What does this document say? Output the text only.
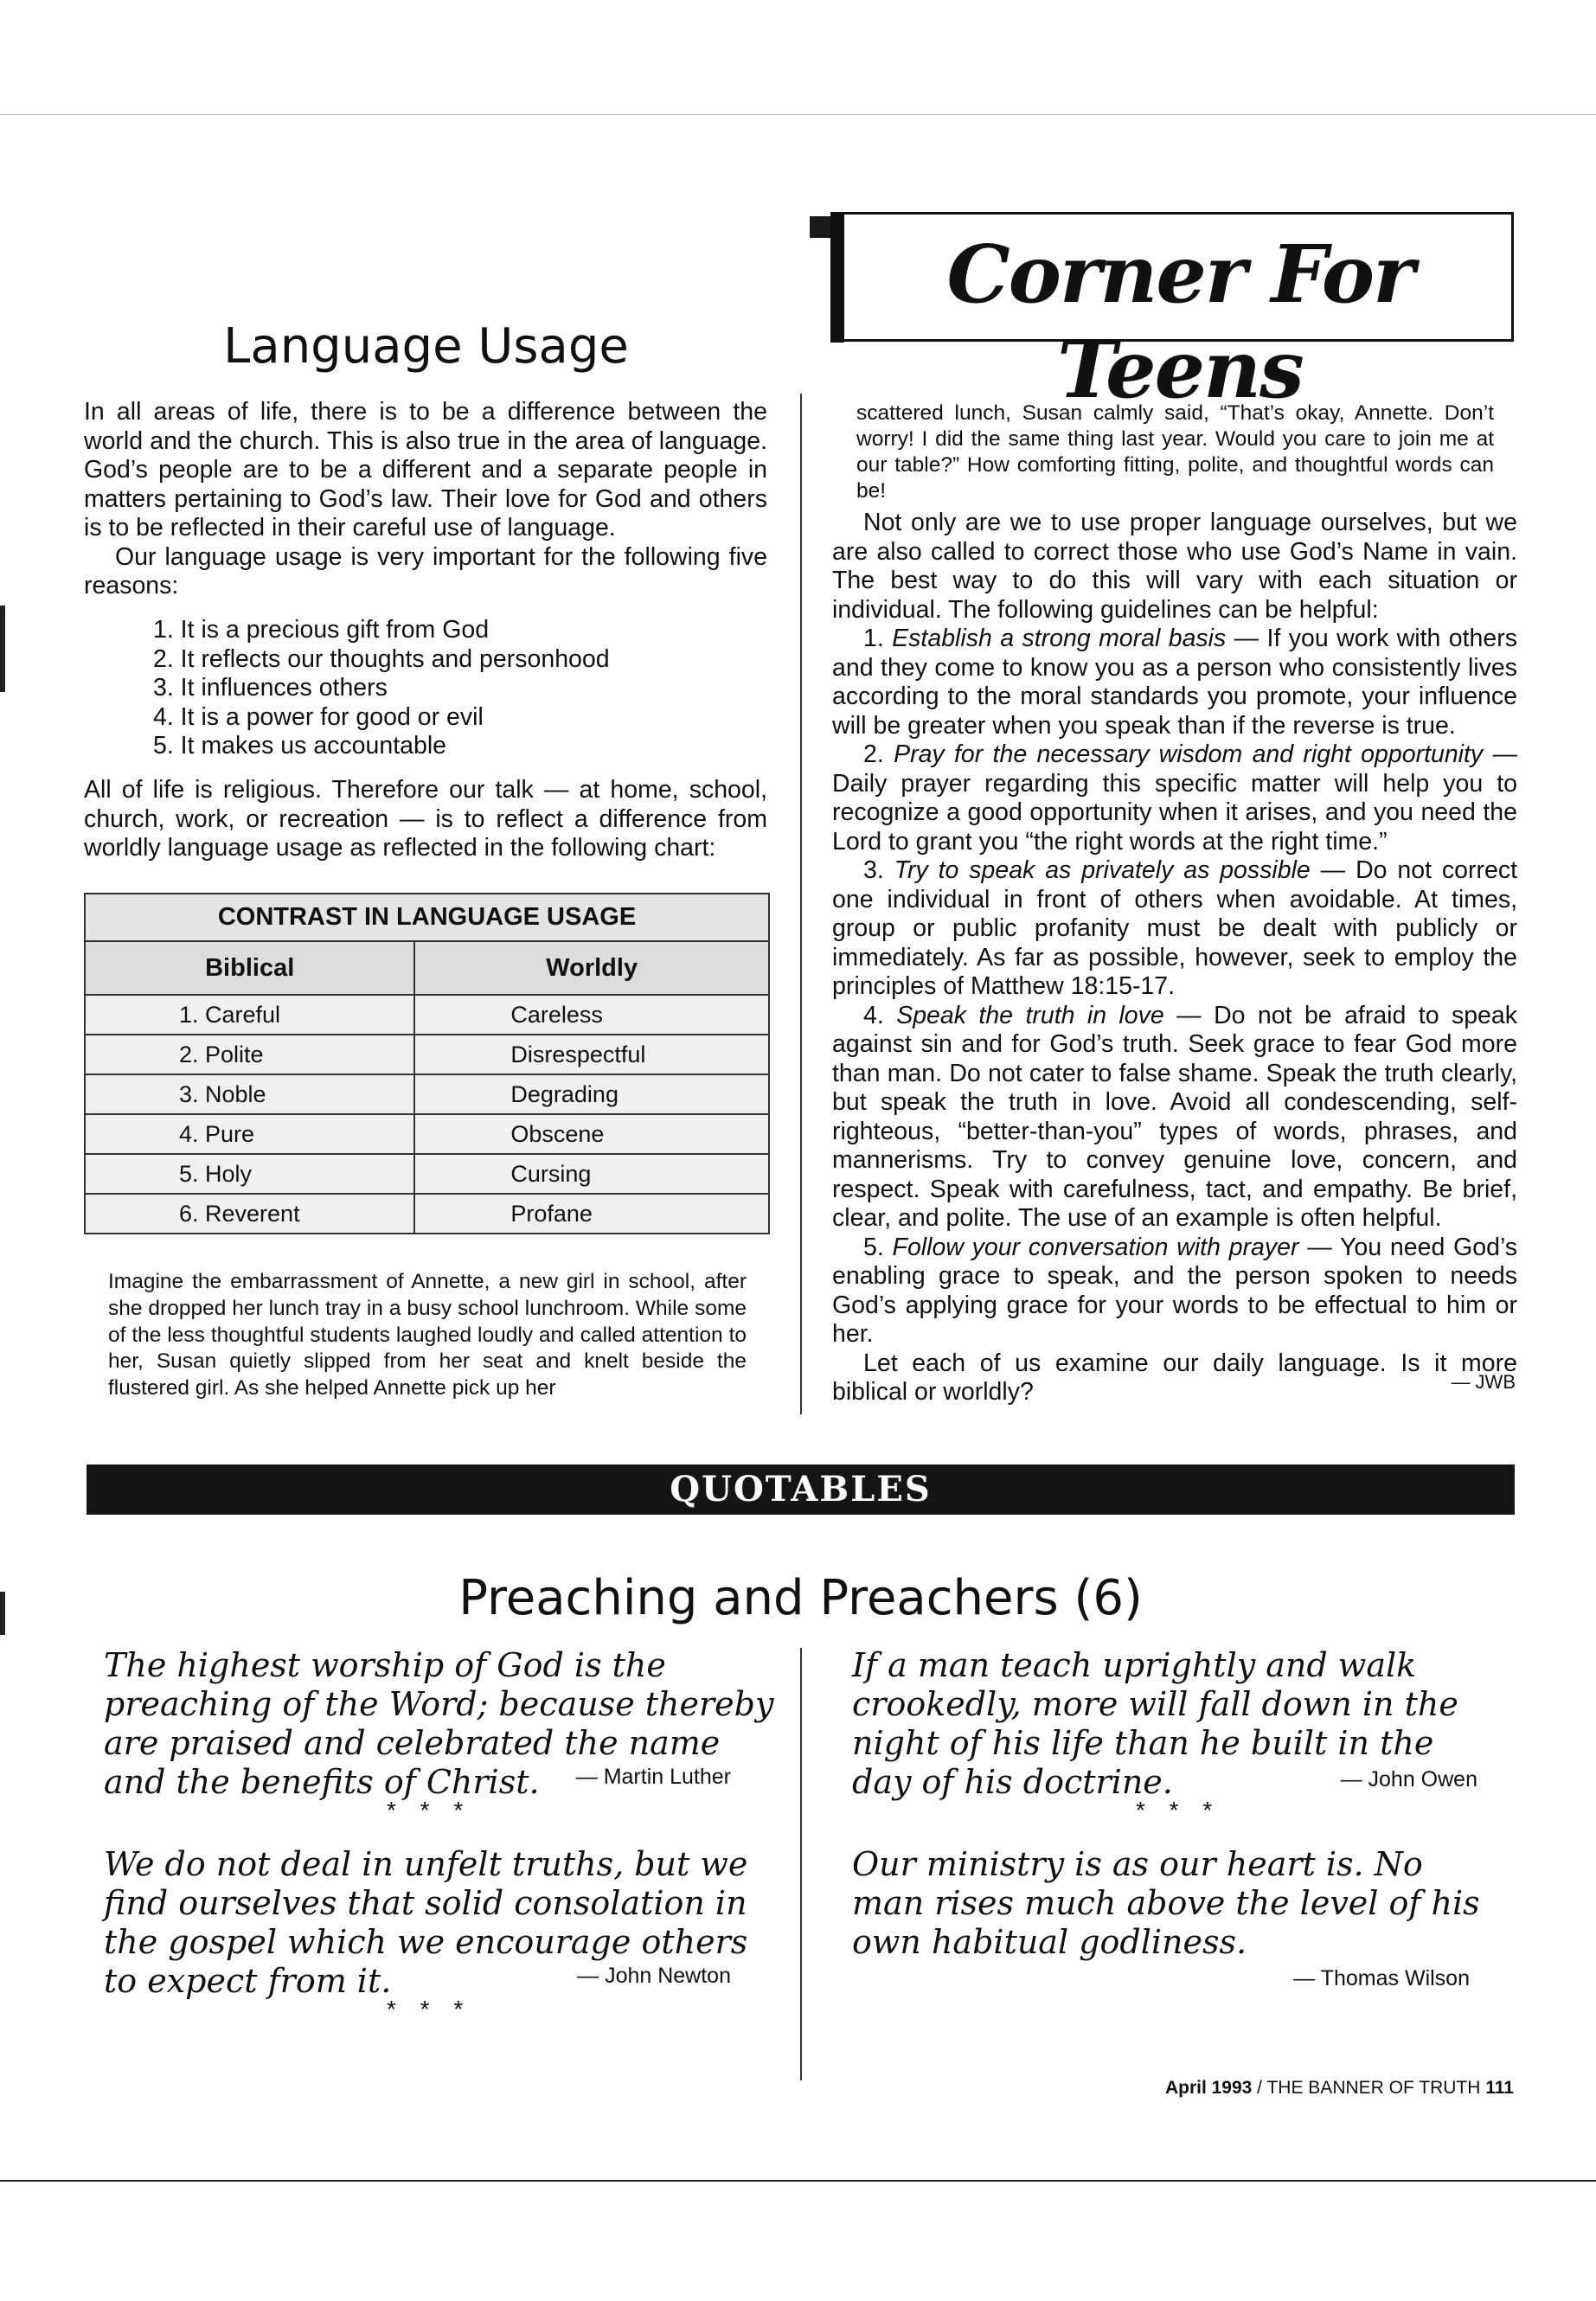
Language Usage

In all areas of life, there is to be a difference between the world and the church. This is also true in the area of language. God’s people are to be a different and a separate people in matters pertaining to God’s law. Their love for God and others is to be reflected in their careful use of language.
Our language usage is very important for the following five reasons:

1. It is a precious gift from God
2. It reflects our thoughts and personhood
3. It influences others
4. It is a power for good or evil
5. It makes us accountable

All of life is religious. Therefore our talk — at home, school, church, work, or recreation — is to reflect a difference from worldly language usage as reflected in the following chart:

CONTRAST IN LANGUAGE USAGE	
Biblical	Worldly
1. Careful	Careless
2. Polite	Disrespectful
3. Noble	Degrading
4. Pure	Obscene
5. Holy	Cursing
6. Reverent	Profane

Imagine the embarrassment of Annette, a new girl in school, after she dropped her lunch tray in a busy school lunchroom. While some of the less thoughtful students laughed loudly and called attention to her, Susan quietly slipped from her seat and knelt beside the flustered girl. As she helped Annette pick up her

Corner For Teens

scattered lunch, Susan calmly said, “That’s okay, Annette. Don’t worry! I did the same thing last year. Would you care to join me at our table?” How comforting fitting, polite, and thoughtful words can be!

Not only are we to use proper language ourselves, but we are also called to correct those who use God’s Name in vain. The best way to do this will vary with each situation or individual. The following guidelines can be helpful:

1. Establish a strong moral basis — If you work with others and they come to know you as a person who consistently lives according to the moral standards you promote, your influence will be greater when you speak than if the reverse is true.

2. Pray for the necessary wisdom and right opportunity — Daily prayer regarding this specific matter will help you to recognize a good opportunity when it arises, and you need the Lord to grant you “the right words at the right time.”

3. Try to speak as privately as possible — Do not correct one individual in front of others when avoidable. At times, group or public profanity must be dealt with publicly or immediately. As far as possible, however, seek to employ the principles of Matthew 18:15-17.

4. Speak the truth in love — Do not be afraid to speak against sin and for God’s truth. Seek grace to fear God more than man. Do not cater to false shame. Speak the truth clearly, but speak the truth in love. Avoid all condescending, self-righteous, “better-than-you” types of words, phrases, and mannerisms. Try to convey genuine love, concern, and respect. Speak with carefulness, tact, and empathy. Be brief, clear, and polite. The use of an example is often helpful.

5. Follow your conversation with prayer — You need God’s enabling grace to speak, and the person spoken to needs God’s applying grace for your words to be effectual to him or her.

Let each of us examine our daily language. Is it more biblical or worldly?	— JWB
QUOTABLES
Preaching and Preachers (6)

The highest worship of God is the preaching of the Word; because thereby are praised and celebrated the name and the benefits of Christ.	— Martin Luther
* * *

We do not deal in unfelt truths, but we find ourselves that solid consolation in the gospel which we encourage others to expect from it.	— John Newton
* * *

If a man teach uprightly and walk crookedly, more will fall down in the night of his life than he built in the day of his doctrine.	— John Owen
* * *

Our ministry is as our heart is. No man rises much above the level of his own habitual godliness.

— Thomas Wilson
April 1993 / THE BANNER OF TRUTH 111
